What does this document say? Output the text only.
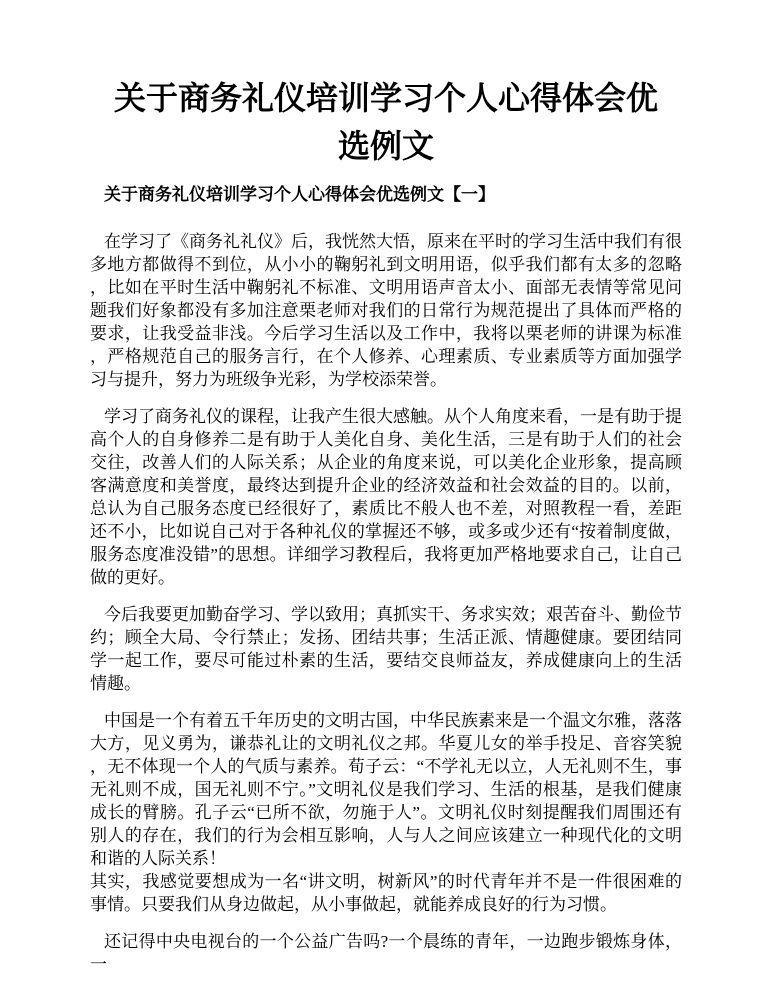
关于商务礼仪培训学习个人心得体会优选例文
关于商务礼仪培训学习个人心得体会优选例文【一】

在学习了《商务礼礼仪》后，我恍然大悟，原来在平时的学习生活中我们有很多地方都做得不到位，从小小的鞠躬礼到文明用语，似乎我们都有太多的忽略，比如在平时生活中鞠躬礼不标准、文明用语声音太小、面部无表情等常见问题我们好象都没有多加注意栗老师对我们的日常行为规范提出了具体而严格的要求，让我受益非浅。今后学习生活以及工作中，我将以栗老师的讲课为标准，严格规范自己的服务言行，在个人修养、心理素质、专业素质等方面加强学习与提升，努力为班级争光彩，为学校添荣誉。

学习了商务礼仪的课程，让我产生很大感触。从个人角度来看，一是有助于提高个人的自身修养二是有助于人美化自身、美化生活，三是有助于人们的社会交往，改善人们的人际关系；从企业的角度来说，可以美化企业形象，提高顾客满意度和美誉度，最终达到提升企业的经济效益和社会效益的目的。以前，总认为自己服务态度已经很好了，素质比不般人也不差，对照教程一看，差距还不小，比如说自己对于各种礼仪的掌握还不够，或多或少还有“按着制度做，服务态度准没错”的思想。详细学习教程后，我将更加严格地要求自己，让自己做的更好。

今后我要更加勤奋学习、学以致用；真抓实干、务求实效；艰苦奋斗、勤俭节约；顾全大局、令行禁止；发扬、团结共事；生活正派、情趣健康。要团结同学一起工作，要尽可能过朴素的生活，要结交良师益友，养成健康向上的生活情趣。

中国是一个有着五千年历史的文明古国，中华民族素来是一个温文尔雅，落落大方，见义勇为，谦恭礼让的文明礼仪之邦。华夏儿女的举手投足、音容笑貌，无不体现一个人的气质与素养。荀子云：“不学礼无以立，人无礼则不生，事无礼则不成，国无礼则不宁。”文明礼仪是我们学习、生活的根基，是我们健康成长的臂膀。孔子云“已所不欲，勿施于人”。文明礼仪时刻提醒我们周围还有别人的存在，我们的行为会相互影响，人与人之间应该建立一种现代化的文明和谐的人际关系！

其实，我感觉要想成为一名“讲文明，树新风”的时代青年并不是一件很困难的事情。只要我们从身边做起，从小事做起，就能养成良好的行为习惯。

还记得中央电视台的一个公益广告吗?一个晨练的青年，一边跑步锻炼身体，一
